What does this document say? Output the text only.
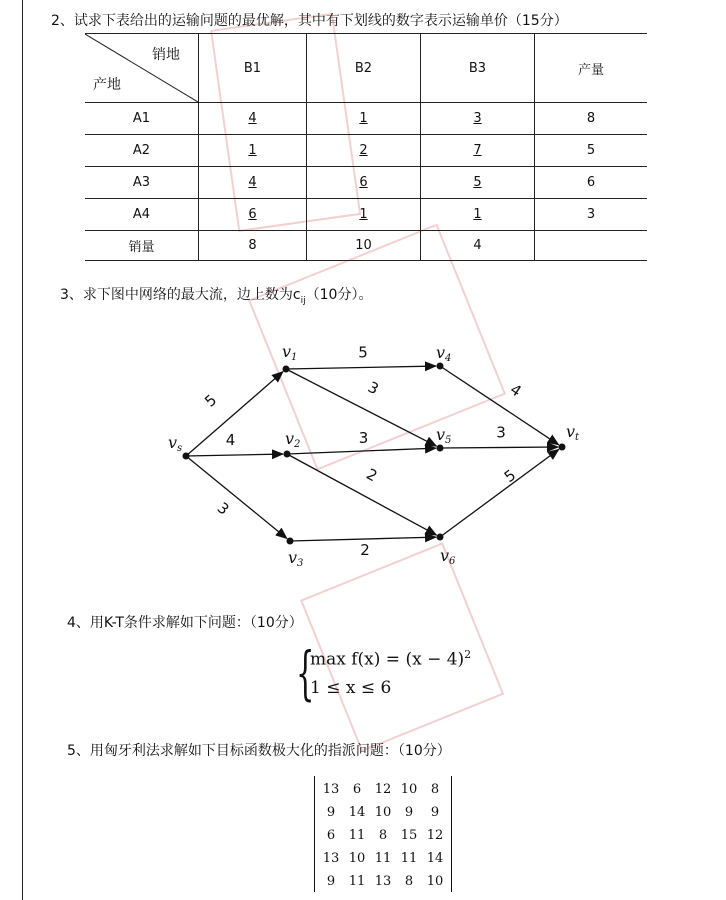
2、试求下表给出的运输问题的最优解，其中有下划线的数字表示运输单价（15分）
销地
产地	B1	B2	B3	产量
A1	4	1	3	8
A2	1	2	7	5
A3	4	6	5	6
A4	6	1	1	3
销量	8	10	4	
3、求下图中网络的最大流，边上数为$c_{ij}(10$分）。
5
4
3
5
3
3
2
2
4
3
5
vs
v1
v2
v3
v4
v5
v6
vt
4、用K-T条件求解如下问题：（10分）
{
$\max f(x) = (x - 4)^2$
1 ≤ x ≤ 6
5、用匈牙利法求解如下目标函数极大化的指派问题：（10分）
13	6	12	10	8
9	14	10	9	9
6	11	8	15	12
13	10	11	11	14
9	11	13	8	10
